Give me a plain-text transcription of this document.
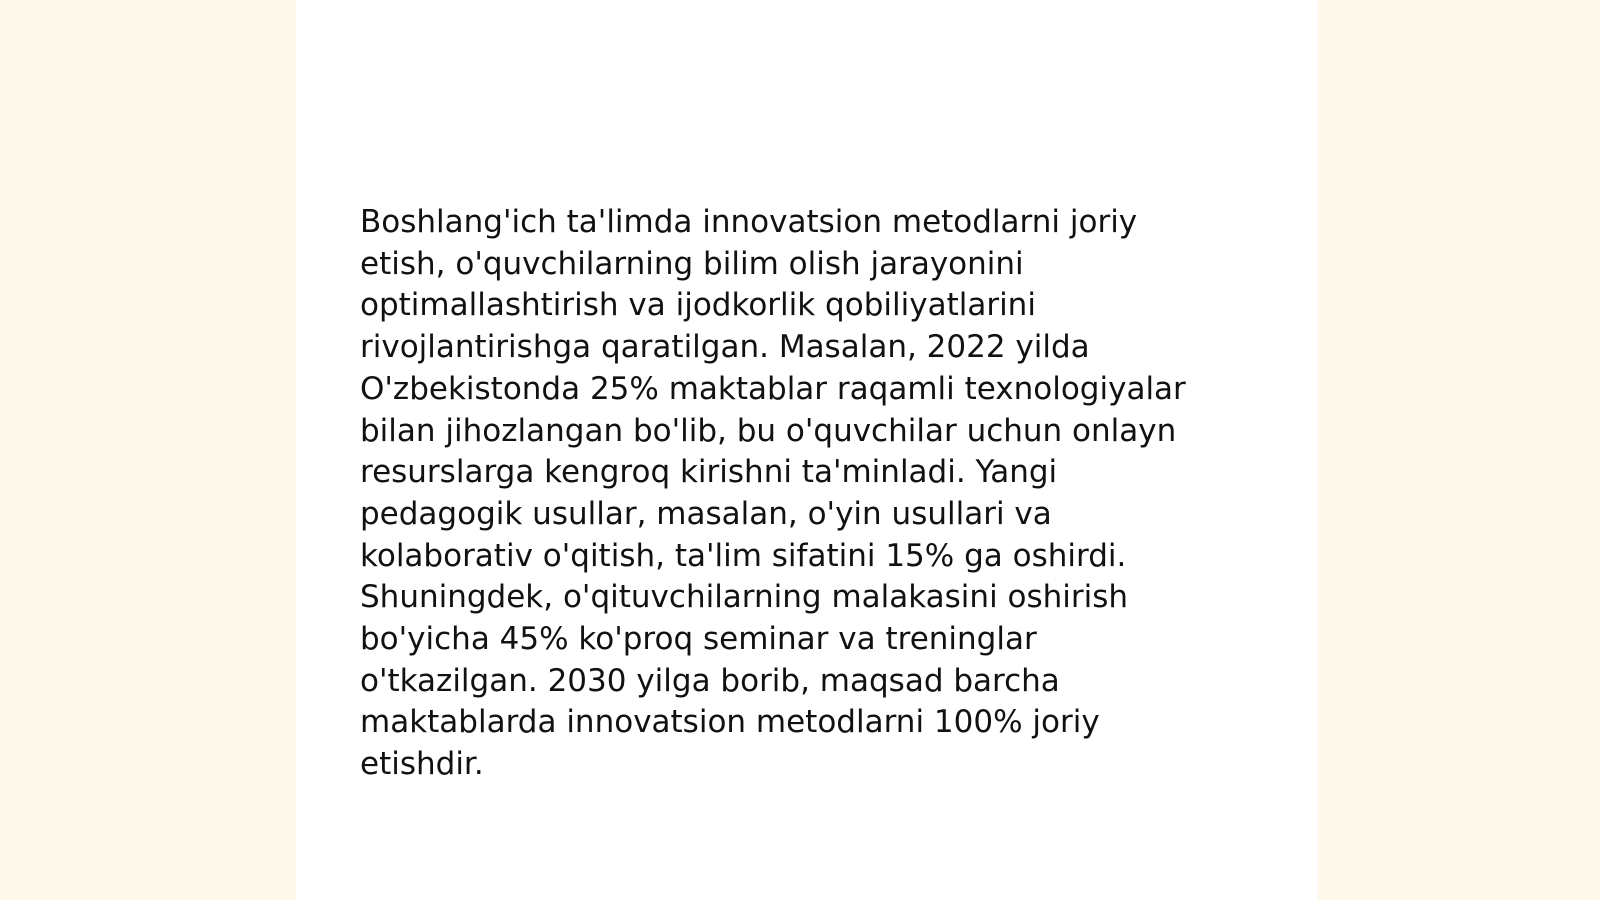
Boshlang'ich ta'limda innovatsion metodlarni joriy
etish, o'quvchilarning bilim olish jarayonini
optimallashtirish va ijodkorlik qobiliyatlarini
rivojlantirishga qaratilgan. Masalan, 2022 yilda
O'zbekistonda 25% maktablar raqamli texnologiyalar
bilan jihozlangan bo'lib, bu o'quvchilar uchun onlayn
resurslarga kengroq kirishni ta'minladi. Yangi
pedagogik usullar, masalan, o'yin usullari va
kolaborativ o'qitish, ta'lim sifatini 15% ga oshirdi.
Shuningdek, o'qituvchilarning malakasini oshirish
bo'yicha 45% ko'proq seminar va treninglar
o'tkazilgan. 2030 yilga borib, maqsad barcha
maktablarda innovatsion metodlarni 100% joriy
etishdir.
